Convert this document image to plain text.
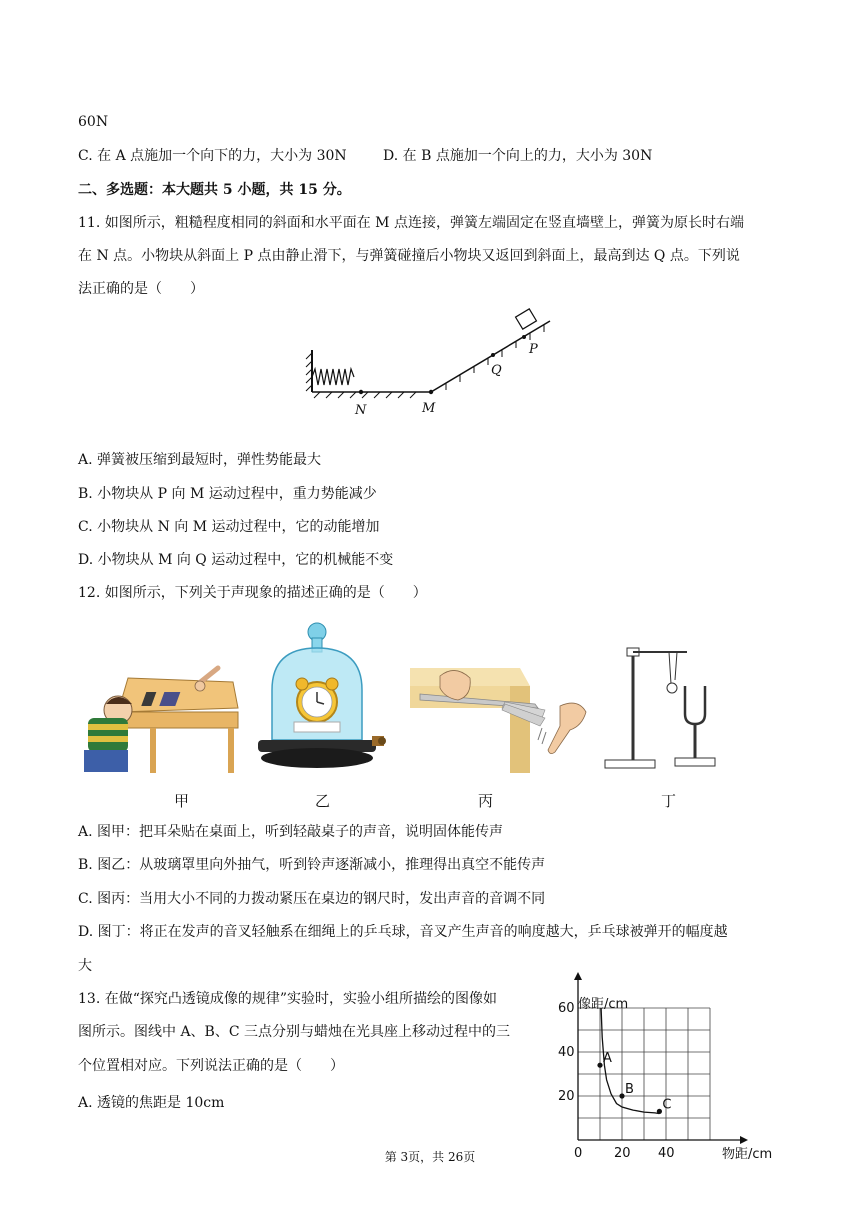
60N
C. 在 A 点施加一个向下的力，大小为 30N	D. 在 B 点施加一个向上的力，大小为 30N
二、多选题：本大题共 5 小题，共 15 分。
11. 如图所示，粗糙程度相同的斜面和水平面在 M 点连接，弹簧左端固定在竖直墙壁上，弹簧为原长时右端
在 N 点。小物块从斜面上 P 点由静止滑下，与弹簧碰撞后小物块又返回到斜面上，最高到达 Q 点。下列说
法正确的是（　　）
N	M
Q
P
A. 弹簧被压缩到最短时，弹性势能最大
B. 小物块从 P 向 M 运动过程中，重力势能减少
C. 小物块从 N 向 M 运动过程中，它的动能增加
D. 小物块从 M 向 Q 运动过程中，它的机械能不变
12. 如图所示，下列关于声现象的描述正确的是（　　）
甲	乙	丙	丁
A. 图甲：把耳朵贴在桌面上，听到轻敲桌子的声音，说明固体能传声
B. 图乙：从玻璃罩里向外抽气，听到铃声逐渐减小，推理得出真空不能传声
C. 图丙：当用大小不同的力拨动紧压在桌边的钢尺时，发出声音的音调不同
D. 图丁：将正在发声的音叉轻触系在细绳上的乒乓球，音叉产生声音的响度越大，乒乓球被弹开的幅度越
大
13. 在做“探究凸透镜成像的规律”实验时，实验小组所描绘的图像如
图所示。图线中 A、B、C 三点分别与蜡烛在光具座上移动过程中的三
个位置相对应。下列说法正确的是（　　）
A. 透镜的焦距是 10cm
A
B
C
0 20 40
20
40
60 像距/cm
物距/cm
第 3页，共 26页
